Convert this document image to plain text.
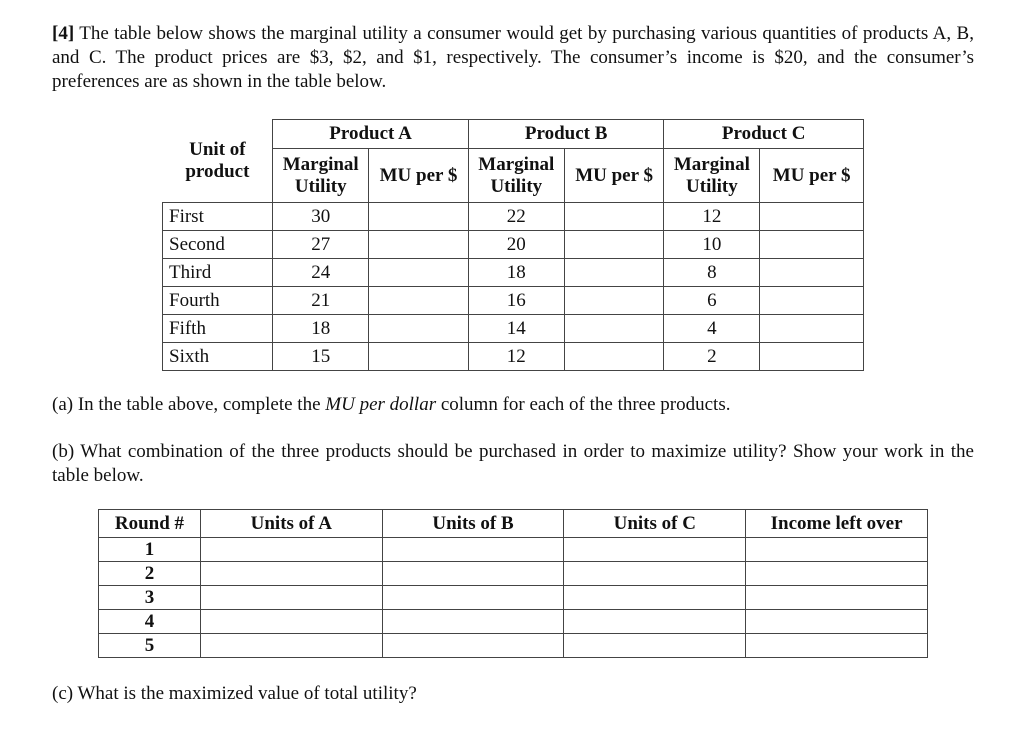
[4] The table below shows the marginal utility a consumer would get by purchasing various quantities of products A, B, and C. The product prices are $3, $2, and $1, respectively. The consumer’s income is $20, and the consumer’s preferences are as shown in the table below.

Unit of product	Product A		Product B		Product C	
	Marginal Utility	MU per $	Marginal Utility	MU per $	Marginal Utility	MU per $
First	30		22		12	
Second	27		20		10	
Third	24		18		8	
Fourth	21		16		6	
Fifth	18		14		4	
Sixth	15		12		2	

(a) In the table above, complete the MU per dollar column for each of the three products.

(b) What combination of the three products should be purchased in order to maximize utility? Show your work in the table below.

Round #	Units of A	Units of B	Units of C	Income left over
1				
2				
3				
4				
5				

(c) What is the maximized value of total utility?
